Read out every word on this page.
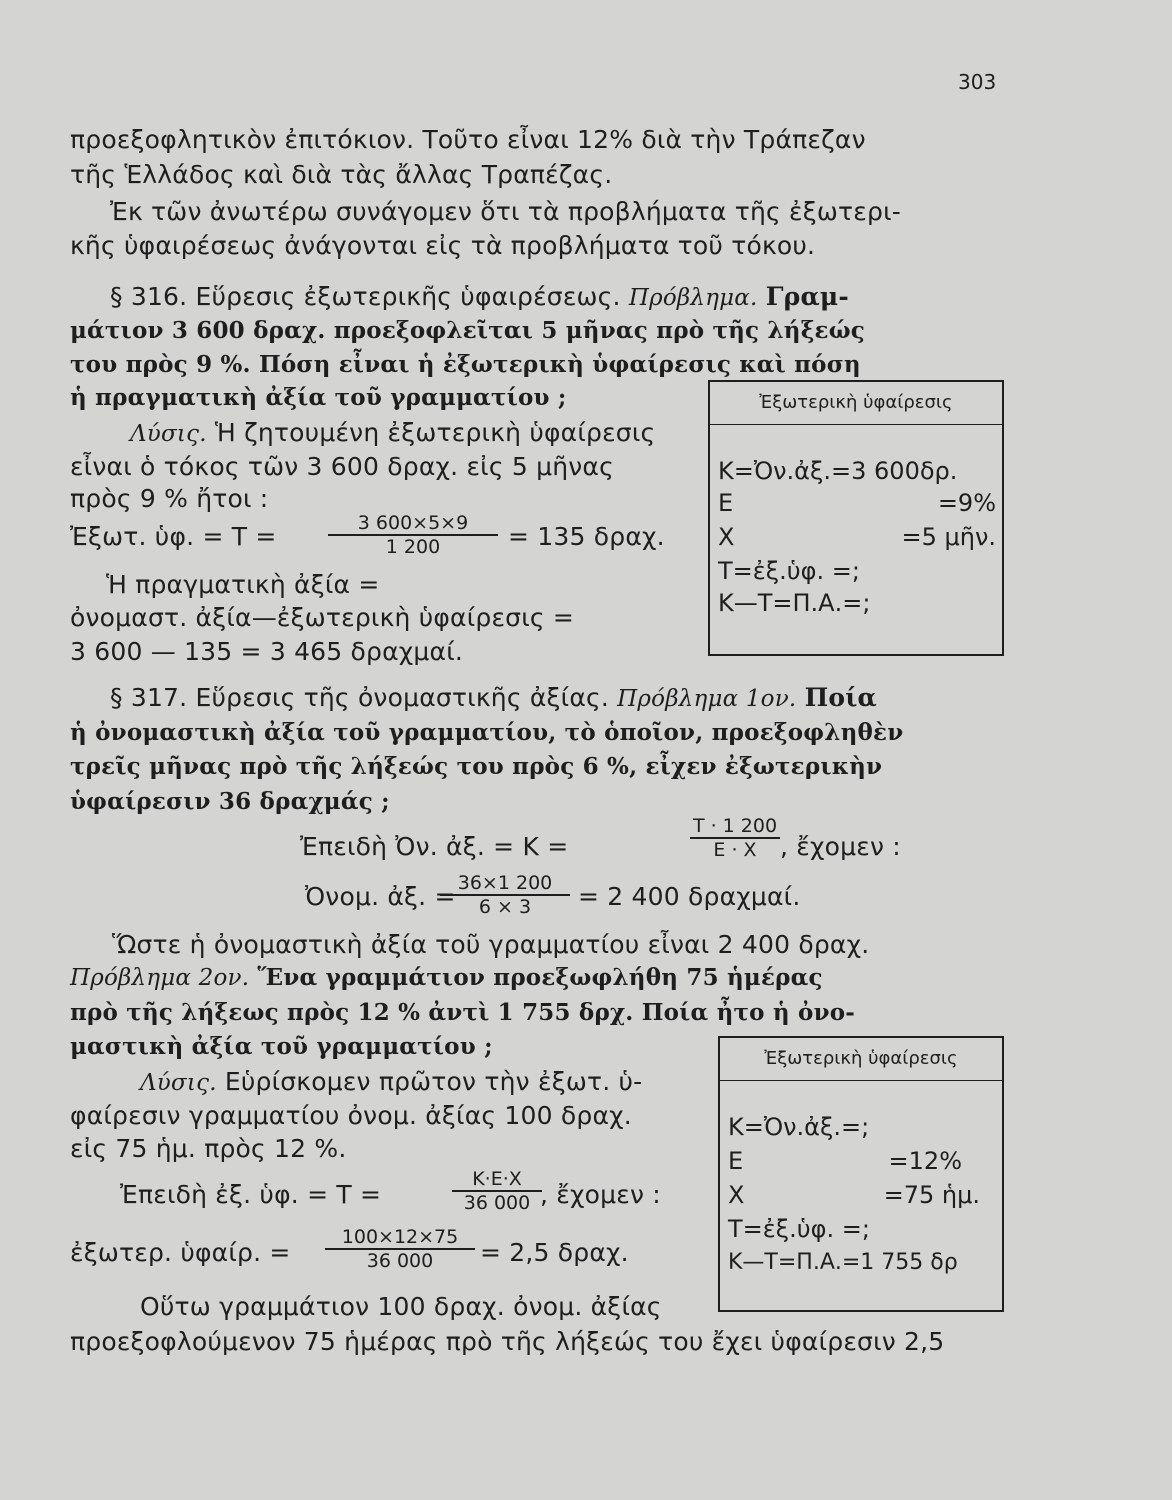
303
προεξοφλητικὸν ἐπιτόκιον. Τοῦτο εἶναι 12% διὰ τὴν Τράπεζαν
τῆς Ἑλλάδος καὶ διὰ τὰς ἄλλας Τραπέζας.
Ἐκ τῶν ἀνωτέρω συνάγομεν ὅτι τὰ προβλήματα τῆς ἐξωτερι-
κῆς ὑφαιρέσεως ἀνάγονται εἰς τὰ προβλήματα τοῦ τόκου.
§ 316. Εὕρεσις ἐξωτερικῆς ὑφαιρέσεως. Πρόβλημα. Γραμ-
μάτιον 3 600 δραχ. προεξοφλεῖται 5 μῆνας πρὸ τῆς λήξεώς
του πρὸς 9 %. Πόση εἶναι ἡ ἐξωτερικὴ ὑφαίρεσις καὶ πόση
ἡ πραγματικὴ ἀξία τοῦ γραμματίου ;
Λύσις. Ἡ ζητουμένη ἐξωτερικὴ ὑφαίρεσις
εἶναι ὁ τόκος τῶν 3 600 δραχ. εἰς 5 μῆνας
πρὸς 9 % ἤτοι :
Ἐξωτ. ὑφ. = Τ =	3 600×5×9
1 200	= 135 δραχ.
Ἡ πραγματικὴ ἀξία =
ὀνομαστ. ἀξία—ἐξωτερικὴ ὑφαίρεσις =
3 600 — 135 = 3 465 δραχμαί.
Ἐξωτερικὴ ὑφαίρεσις
Κ=Ὀν.ἀξ.=3 600δρ.
Ε	=9%
Χ	=5 μῆν.
Τ=ἐξ.ὑφ. =;
Κ—Τ=Π.Α.=;
§ 317. Εὕρεσις τῆς ὀνομαστικῆς ἀξίας. Πρόβλημα 1ον. Ποία
ἡ ὀνομαστικὴ ἀξία τοῦ γραμματίου, τὸ ὁποῖον, προεξοφληθὲν
τρεῖς μῆνας πρὸ τῆς λήξεώς του πρὸς 6 %, εἶχεν ἐξωτερικὴν
ὑφαίρεσιν 36 δραχμάς ;
Ἐπειδὴ Ὀν. ἀξ. = Κ =
Τ · 1 200
Ε · Χ , ἔχομεν :
Ὀνομ. ἀξ. = 36×1 200
6 × 3	= 2 400 δραχμαί.
Ὥστε ἡ ὀνομαστικὴ ἀξία τοῦ γραμματίου εἶναι 2 400 δραχ.
Πρόβλημα 2ον. Ἕνα γραμμάτιον προεξωφλήθη 75 ἡμέρας
πρὸ τῆς λήξεως πρὸς 12 % ἀντὶ 1 755 δρχ. Ποία ἦτο ἡ ὀνο-
μαστικὴ ἀξία τοῦ γραμματίου ;
Λύσις. Εὑρίσκομεν πρῶτον τὴν ἐξωτ. ὑ-
φαίρεσιν γραμματίου ὀνομ. ἀξίας 100 δραχ.
εἰς 75 ἡμ. πρὸς 12 %.
Ἐπειδὴ ἐξ. ὑφ. = Τ =
Κ·Ε·Χ
36 000 , ἔχομεν :
ἐξωτερ. ὑφαίρ. =
100×12×75
36 000	= 2,5 δραχ.
Οὕτω γραμμάτιον 100 δραχ. ὀνομ. ἀξίας
προεξοφλούμενον 75 ἡμέρας πρὸ τῆς λήξεώς του ἔχει ὑφαίρεσιν 2,5
Ἐξωτερικὴ ὑφαίρεσις
Κ=Ὀν.ἀξ.=;
Ε	=12%
Χ	=75 ἡμ.
Τ=ἐξ.ὑφ. =;
Κ—Τ=Π.Α.=1 755 δρ
